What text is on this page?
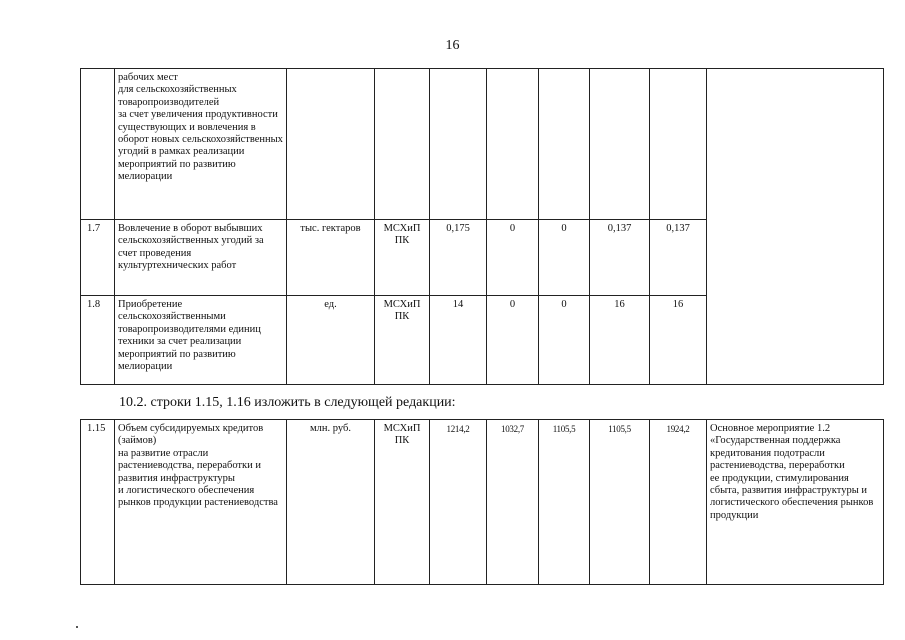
16
	рабочих мест
для сельскохозяйственных товаропроизводителей
за счет увеличения продуктивности существующих и вовлечения в оборот новых сельскохозяйственных угодий в рамках реализации мероприятий по развитию мелиорации								
1.7	Вовлечение в оборот выбывших сельскохозяйственных угодий за счет проведения культуртехнических работ	тыс. гектаров	МСХиП ПК	0,175	0	0	0,137	0,137	
1.8	Приобретение сельскохозяйственными товаропроизводителями единиц техники за счет реализации мероприятий по развитию мелиорации	ед.	МСХиП ПК	14	0	0	16	16	
10.2. строки 1.15, 1.16 изложить в следующей редакции:
1.15	Объем субсидируемых кредитов (займов)
на развитие отрасли растениеводства, переработки и развития инфраструктуры
и логистического обеспечения рынков продукции растениеводства	млн. руб.	МСХиП ПК	1214,2	1032,7	1105,5	1105,5	1924,2	Основное мероприятие 1.2 «Государственная поддержка кредитования подотрасли растениеводства, переработки
ее продукции, стимулирования сбыта, развития инфраструктуры и логистического обеспечения рынков продукции
